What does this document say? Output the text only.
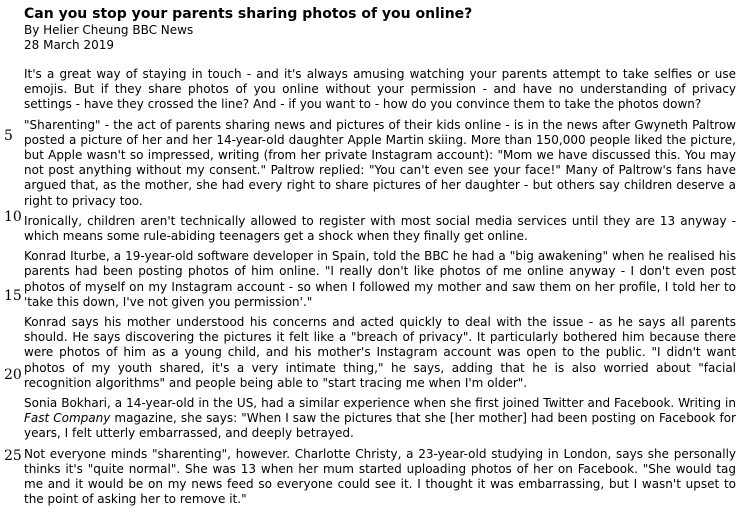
Can you stop your parents sharing photos of you online?
By Helier Cheung BBC News
28 March 2019
5
10
15
20
25

It's a great way of staying in touch - and it's always amusing watching your parents attempt to take selfies or use emojis. But if they share photos of you online without your permission - and have no understanding of privacy settings - have they crossed the line? And - if you want to - how do you convince them to take the photos down?

"Sharenting" - the act of parents sharing news and pictures of their kids online - is in the news after Gwyneth Paltrow posted a picture of her and her 14-year-old daughter Apple Martin skiing. More than 150,000 people liked the picture, but Apple wasn't so impressed, writing (from her private Instagram account): "Mom we have discussed this. You may not post anything without my consent." Paltrow replied: "You can't even see your face!" Many of Paltrow's fans have argued that, as the mother, she had every right to share pictures of her daughter - but others say children deserve a right to privacy too.

Ironically, children aren't technically allowed to register with most social media services until they are 13 anyway - which means some rule-abiding teenagers get a shock when they finally get online.

Konrad Iturbe, a 19-year-old software developer in Spain, told the BBC he had a "big awakening" when he realised his parents had been posting photos of him online. "I really don't like photos of me online anyway - I don't even post photos of myself on my Instagram account - so when I followed my mother and saw them on her profile, I told her to 'take this down, I've not given you permission'."

Konrad says his mother understood his concerns and acted quickly to deal with the issue - as he says all parents should. He says discovering the pictures it felt like a "breach of privacy". It particularly bothered him because there were photos of him as a young child, and his mother's Instagram account was open to the public. "I didn't want photos of my youth shared, it's a very intimate thing," he says, adding that he is also worried about "facial recognition algorithms" and people being able to "start tracing me when I'm older".

Sonia Bokhari, a 14-year-old in the US, had a similar experience when she first joined Twitter and Facebook. Writing in Fast Company magazine, she says: "When I saw the pictures that she [her mother] had been posting on Facebook for years, I felt utterly embarrassed, and deeply betrayed.

Not everyone minds "sharenting", however. Charlotte Christy, a 23-year-old studying in London, says she personally thinks it's "quite normal". She was 13 when her mum started uploading photos of her on Facebook. "She would tag me and it would be on my news feed so everyone could see it. I thought it was embarrassing, but I wasn't upset to the point of asking her to remove it."
